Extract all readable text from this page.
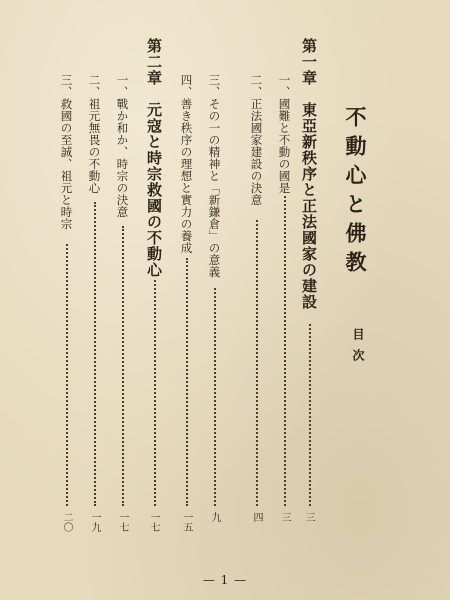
不動心と佛教
目次
第一章　東亞新秩序と正法國家の建設
三
一、國難と不動の國是
三
二、正法國家建設の決意
四
三、その一の精神と「新鎌倉」の意義
九
四、善き秩序の理想と實力の養成
一五
第二章　元寇と時宗救國の不動心
一七
一、戰か和か、時宗の決意
一七
二、祖元無畏の不動心
一九
三、救國の至誠、祖元と時宗
二〇
— 1 —
